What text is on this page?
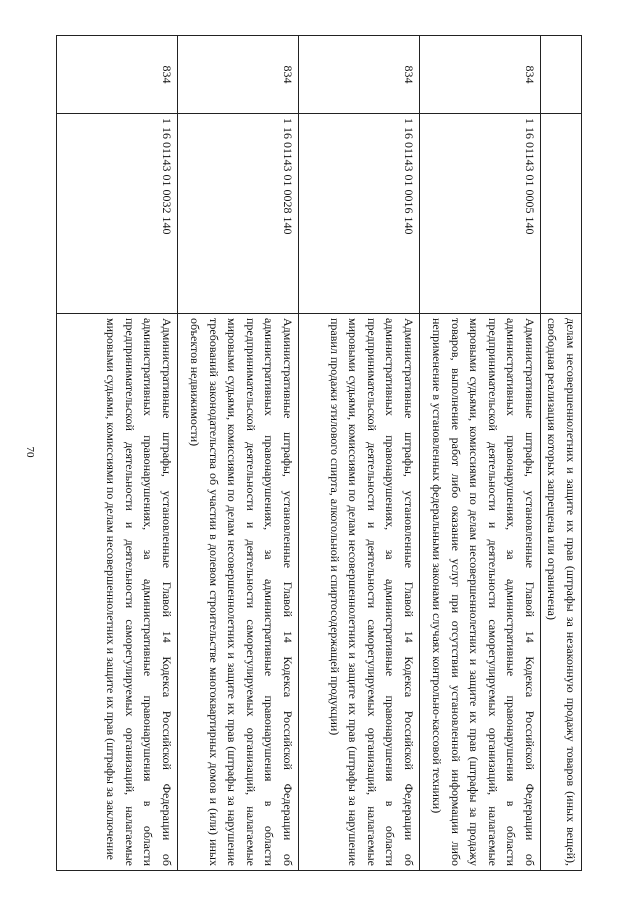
70
			делам несовершеннолетних и защите их прав (штрафы за незаконную продажу товаров (иных вещей), свободная реализация которых запрещена или ограничена)
834	1 16 01143 01 0005 140	Административные штрафы, установленные Главой 14 Кодекса Российской Федерации об административных правонарушениях, за административные правонарушения в области предпринимательской деятельности и деятельности саморегулируемых организаций, налагаемые мировыми судьями, комиссиями по делам несовершеннолетних и защите их прав (штрафы за продажу товаров, выполнение работ либо оказание услуг при отсутствии установленной информации либо неприменение в установленных федеральными законами случаях контрольно-кассовой техники)
834	1 16 01143 01 0016 140	Административные штрафы, установленные Главой 14 Кодекса Российской Федерации об административных правонарушениях, за административные правонарушения в области предпринимательской деятельности и деятельности саморегулируемых организаций, налагаемые мировыми судьями, комиссиями по делам несовершеннолетних и защите их прав (штрафы за нарушение правил продажи этилового спирта, алкогольной и спиртосодержащей продукции)
834	1 16 01143 01 0028 140	Административные штрафы, установленные Главой 14 Кодекса Российской Федерации об административных правонарушениях, за административные правонарушения в области предпринимательской деятельности и деятельности саморегулируемых организаций, налагаемые мировыми судьями, комиссиями по делам несовершеннолетних и защите их прав (штрафы за нарушение требований законодательства об участии в долевом строительстве многоквартирных домов и (или) иных объектов недвижимости)
834	1 16 01143 01 0032 140	Административные штрафы, установленные Главой 14 Кодекса Российской Федерации об административных правонарушениях, за административные правонарушения в области предпринимательской деятельности и деятельности саморегулируемых организаций, налагаемые мировыми судьями, комиссиями по делам несовершеннолетних и защите их прав (штрафы за заключение
